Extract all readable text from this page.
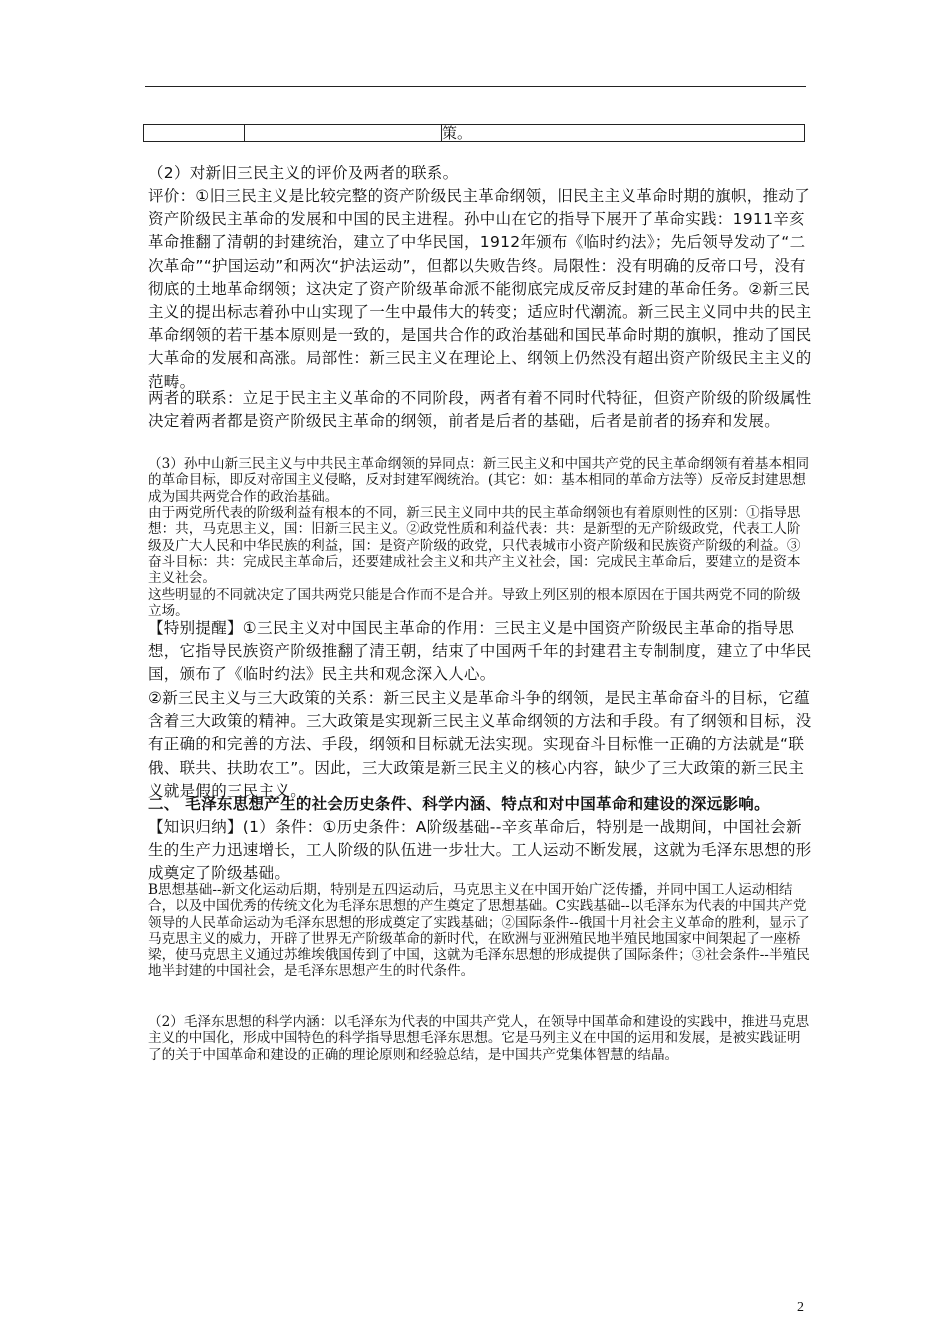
		策。

（2）对新旧三民主义的评价及两者的联系。

评价：①旧三民主义是比较完整的资产阶级民主革命纲领，旧民主主义革命时期的旗帜，推动了资产阶级民主革命的发展和中国的民主进程。孙中山在它的指导下展开了革命实践：1911辛亥革命推翻了清朝的封建统治，建立了中华民国，1912年颁布《临时约法》；先后领导发动了“二次革命”“护国运动”和两次“护法运动”，但都以失败告终。局限性：没有明确的反帝口号，没有彻底的土地革命纲领；这决定了资产阶级革命派不能彻底完成反帝反封建的革命任务。②新三民主义的提出标志着孙中山实现了一生中最伟大的转变；适应时代潮流。新三民主义同中共的民主革命纲领的若干基本原则是一致的，是国共合作的政治基础和国民革命时期的旗帜，推动了国民大革命的发展和高涨。局部性：新三民主义在理论上、纲领上仍然没有超出资产阶级民主主义的范畴。

两者的联系：立足于民主主义革命的不同阶段，两者有着不同时代特征，但资产阶级的阶级属性决定着两者都是资产阶级民主革命的纲领，前者是后者的基础，后者是前者的扬弃和发展。

（3）孙中山新三民主义与中共民主革命纲领的异同点：新三民主义和中国共产党的民主革命纲领有着基本相同的革命目标，即反对帝国主义侵略，反对封建军阀统治。(其它：如：基本相同的革命方法等）反帝反封建思想成为国共两党合作的政治基础。

由于两党所代表的阶级利益有根本的不同，新三民主义同中共的民主革命纲领也有着原则性的区别：①指导思想：共，马克思主义，国：旧新三民主义。②政党性质和利益代表：共：是新型的无产阶级政党，代表工人阶级及广大人民和中华民族的利益，国：是资产阶级的政党，只代表城市小资产阶级和民族资产阶级的利益。③奋斗目标：共：完成民主革命后，还要建成社会主义和共产主义社会，国：完成民主革命后，要建立的是资本主义社会。

这些明显的不同就决定了国共两党只能是合作而不是合并。导致上列区别的根本原因在于国共两党不同的阶级立场。

【特别提醒】①三民主义对中国民主革命的作用：三民主义是中国资产阶级民主革命的指导思想，它指导民族资产阶级推翻了清王朝，结束了中国两千年的封建君主专制制度，建立了中华民国，颁布了《临时约法》民主共和观念深入人心。

②新三民主义与三大政策的关系：新三民主义是革命斗争的纲领，是民主革命奋斗的目标，它蕴含着三大政策的精神。三大政策是实现新三民主义革命纲领的方法和手段。有了纲领和目标，没有正确的和完善的方法、手段，纲领和目标就无法实现。实现奋斗目标惟一正确的方法就是“联俄、联共、扶助农工”。因此，三大政策是新三民主义的核心内容，缺少了三大政策的新三民主义就是假的三民主义。

二、 毛泽东思想产生的社会历史条件、科学内涵、特点和对中国革命和建设的深远影响。

【知识归纳】(1）条件：①历史条件：A阶级基础--辛亥革命后，特别是一战期间，中国社会新生的生产力迅速增长，工人阶级的队伍进一步壮大。工人运动不断发展，这就为毛泽东思想的形成奠定了阶级基础。

B思想基础--新文化运动后期，特别是五四运动后，马克思主义在中国开始广泛传播，并同中国工人运动相结合，以及中国优秀的传统文化为毛泽东思想的产生奠定了思想基础。C实践基础--以毛泽东为代表的中国共产党领导的人民革命运动为毛泽东思想的形成奠定了实践基础；②国际条件--俄国十月社会主义革命的胜利，显示了马克思主义的威力，开辟了世界无产阶级革命的新时代，在欧洲与亚洲殖民地半殖民地国家中间架起了一座桥梁，使马克思主义通过苏维埃俄国传到了中国，这就为毛泽东思想的形成提供了国际条件；③社会条件--半殖民地半封建的中国社会，是毛泽东思想产生的时代条件。

（2）毛泽东思想的科学内涵：以毛泽东为代表的中国共产党人，在领导中国革命和建设的实践中，推进马克思主义的中国化，形成中国特色的科学指导思想毛泽东思想。它是马列主义在中国的运用和发展，是被实践证明了的关于中国革命和建设的正确的理论原则和经验总结，是中国共产党集体智慧的结晶。

2
